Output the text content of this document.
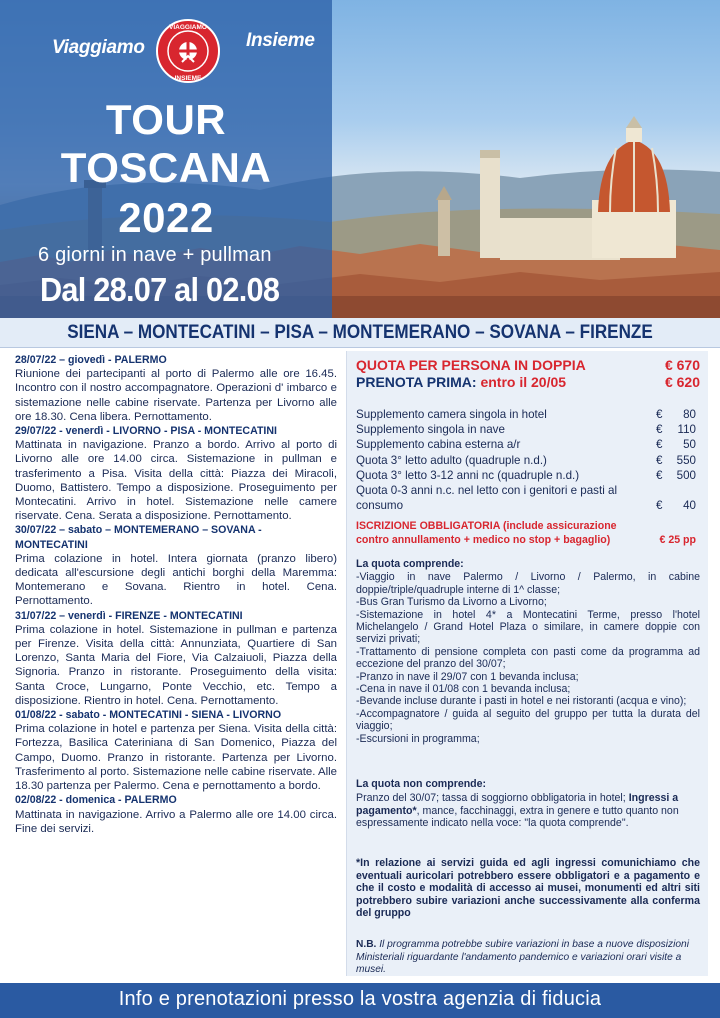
Viaggiamo
VIAGGIAMO
INSIEME
Insieme
TOUR
TOSCANA
2022
6 giorni in nave + pullman
Dal 28.07 al 02.08
SIENA – MONTECATINI – PISA – MONTEMERANO – SOVANA – FIRENZE
28/07/22 – giovedì - PALERMO
Riunione dei partecipanti al porto di Palermo alle ore 16.45. Incontro con il nostro accompagnatore. Operazioni d' imbarco e sistemazione nelle cabine riservate. Partenza per Livorno alle ore 18.30. Cena libera. Pernottamento.
29/07/22 - venerdì - LIVORNO - PISA - MONTECATINI
Mattinata in navigazione. Pranzo a bordo. Arrivo al porto di Livorno alle ore 14.00 circa. Sistemazione in pullman e trasferimento a Pisa. Visita della città: Piazza dei Miracoli, Duomo, Battistero. Tempo a disposizione. Proseguimento per Montecatini. Arrivo in hotel. Sistemazione nelle camere riservate. Cena. Serata a disposizione. Pernottamento.
30/07/22 – sabato – MONTEMERANO – SOVANA - MONTECATINI
Prima colazione in hotel. Intera giornata (pranzo libero) dedicata all'escursione degli antichi borghi della Maremma: Montemerano e Sovana. Rientro in hotel. Cena. Pernottamento.
31/07/22 – venerdì - FIRENZE - MONTECATINI
Prima colazione in hotel. Sistemazione in pullman e partenza per Firenze. Visita della città: Annunziata, Quartiere di San Lorenzo, Santa Maria del Fiore, Via Calzaiuoli, Piazza della Signoria. Pranzo in ristorante. Proseguimento della visita: Santa Croce, Lungarno, Ponte Vecchio, etc. Tempo a disposizione. Rientro in hotel. Cena. Pernottamento.
01/08/22 - sabato - MONTECATINI - SIENA - LIVORNO
Prima colazione in hotel e partenza per Siena. Visita della città: Fortezza, Basilica Cateriniana di San Domenico, Piazza del Campo, Duomo. Pranzo in ristorante. Partenza per Livorno. Trasferimento al porto. Sistemazione nelle cabine riservate. Alle 18.30 partenza per Palermo. Cena e pernottamento a bordo.
02/08/22 - domenica - PALERMO
Mattinata in navigazione. Arrivo a Palermo alle ore 14.00 circa. Fine dei servizi.
QUOTA PER PERSONA IN DOPPIA	€ 670
PRENOTA PRIMA: entro il 20/05	€ 620
Supplemento camera singola in hotel	€ 80
Supplemento singola in nave	€ 110
Supplemento cabina esterna a/r	€ 50
Quota 3° letto adulto (quadruple n.d.)	€ 550
Quota 3° letto 3-12 anni nc (quadruple n.d.)	€ 500
Quota 0-3 anni n.c. nel letto con i genitori e pasti al consumo	€ 40
ISCRIZIONE OBBLIGATORIA (include assicurazione contro annullamento + medico no stop + bagaglio)	€ 25 pp
La quota comprende:
-Viaggio in nave Palermo / Livorno / Palermo, in cabine doppie/triple/quadruple interne di 1^ classe;
-Bus Gran Turismo da Livorno a Livorno;
-Sistemazione in hotel 4* a Montecatini Terme, presso l'hotel Michelangelo / Grand Hotel Plaza o similare, in camere doppie con servizi privati;
-Trattamento di pensione completa con pasti come da programma ad eccezione del pranzo del 30/07;
-Pranzo in nave il 29/07 con 1 bevanda inclusa;
-Cena in nave il 01/08 con 1 bevanda inclusa;
-Bevande incluse durante i pasti in hotel e nei ristoranti (acqua e vino);
-Accompagnatore / guida al seguito del gruppo per tutta la durata del viaggio;
-Escursioni in programma;
La quota non comprende:
Pranzo del 30/07; tassa di soggiorno obbligatoria in hotel; Ingressi a pagamento*, mance, facchinaggi, extra in genere e tutto quanto non espressamente indicato nella voce: "la quota comprende".
*In relazione ai servizi guida ed agli ingressi comunichiamo che eventuali auricolari potrebbero essere obbligatori e a pagamento e che il costo e modalità di accesso ai musei, monumenti ed altri siti potrebbero subire variazioni anche successivamente alla conferma del gruppo
N.B. Il programma potrebbe subire variazioni in base a nuove disposizioni Ministeriali riguardante l'andamento pandemico e variazioni orari visite a musei.
Info e prenotazioni presso la vostra agenzia di fiducia
